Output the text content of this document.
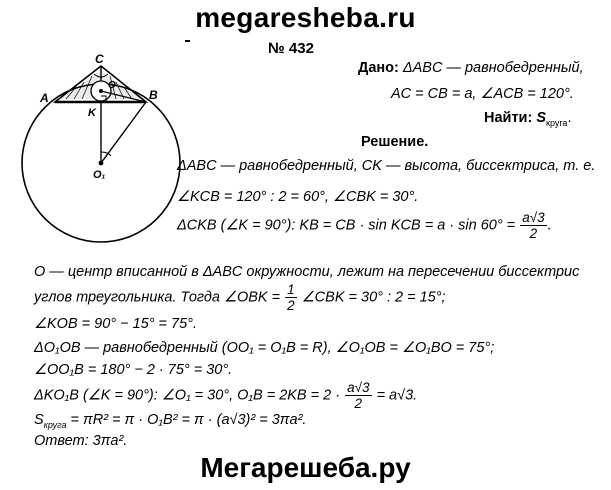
megaresheba.ru
№ 432
C
A	B
K
O
O₁
Дано: ΔABC — равнобедренный,
AC = CB = a, ∠ACB = 120°.
Найти: $S_{круга}$.
Решение.
ΔABC — равнобедренный, CK — высота, биссектриса, т. е.
∠KCB = 120° : 2 = 60°, ∠CBK = 30°.
ΔCKB (∠K = 90°): KB = CB · sin KCB = $a \cdot \sin 60^\circ = \frac{a√3}{2}$ .
O — центр вписанной в ΔABC окружности, лежит на пересечении биссектрис
углов треугольника. Тогда ∠OBK = $\frac{1}{2}$ ∠CBK = 30° : 2 = 15°;
∠KOB = 90° − 15° = 75°.
ΔO₁OB — равнобедренный (OO₁ = O₁B = R), ∠O₁OB = ∠O₁BO = 75°;
∠OO₁B = 180° − 2 · 75° = 30°.
ΔKO₁B (∠K = 90°): ∠O₁ = 30°, $O_1B = 2KB = 2 \cdot \frac{a√3}{2} = a√3$.
$S_{круга} = \pi R^2 = \pi \cdot O_1B^2 = \pi \cdot (a√3)^2 = 3\pi a^2$.
Ответ: 3πa².
Мегарешеба.ру
